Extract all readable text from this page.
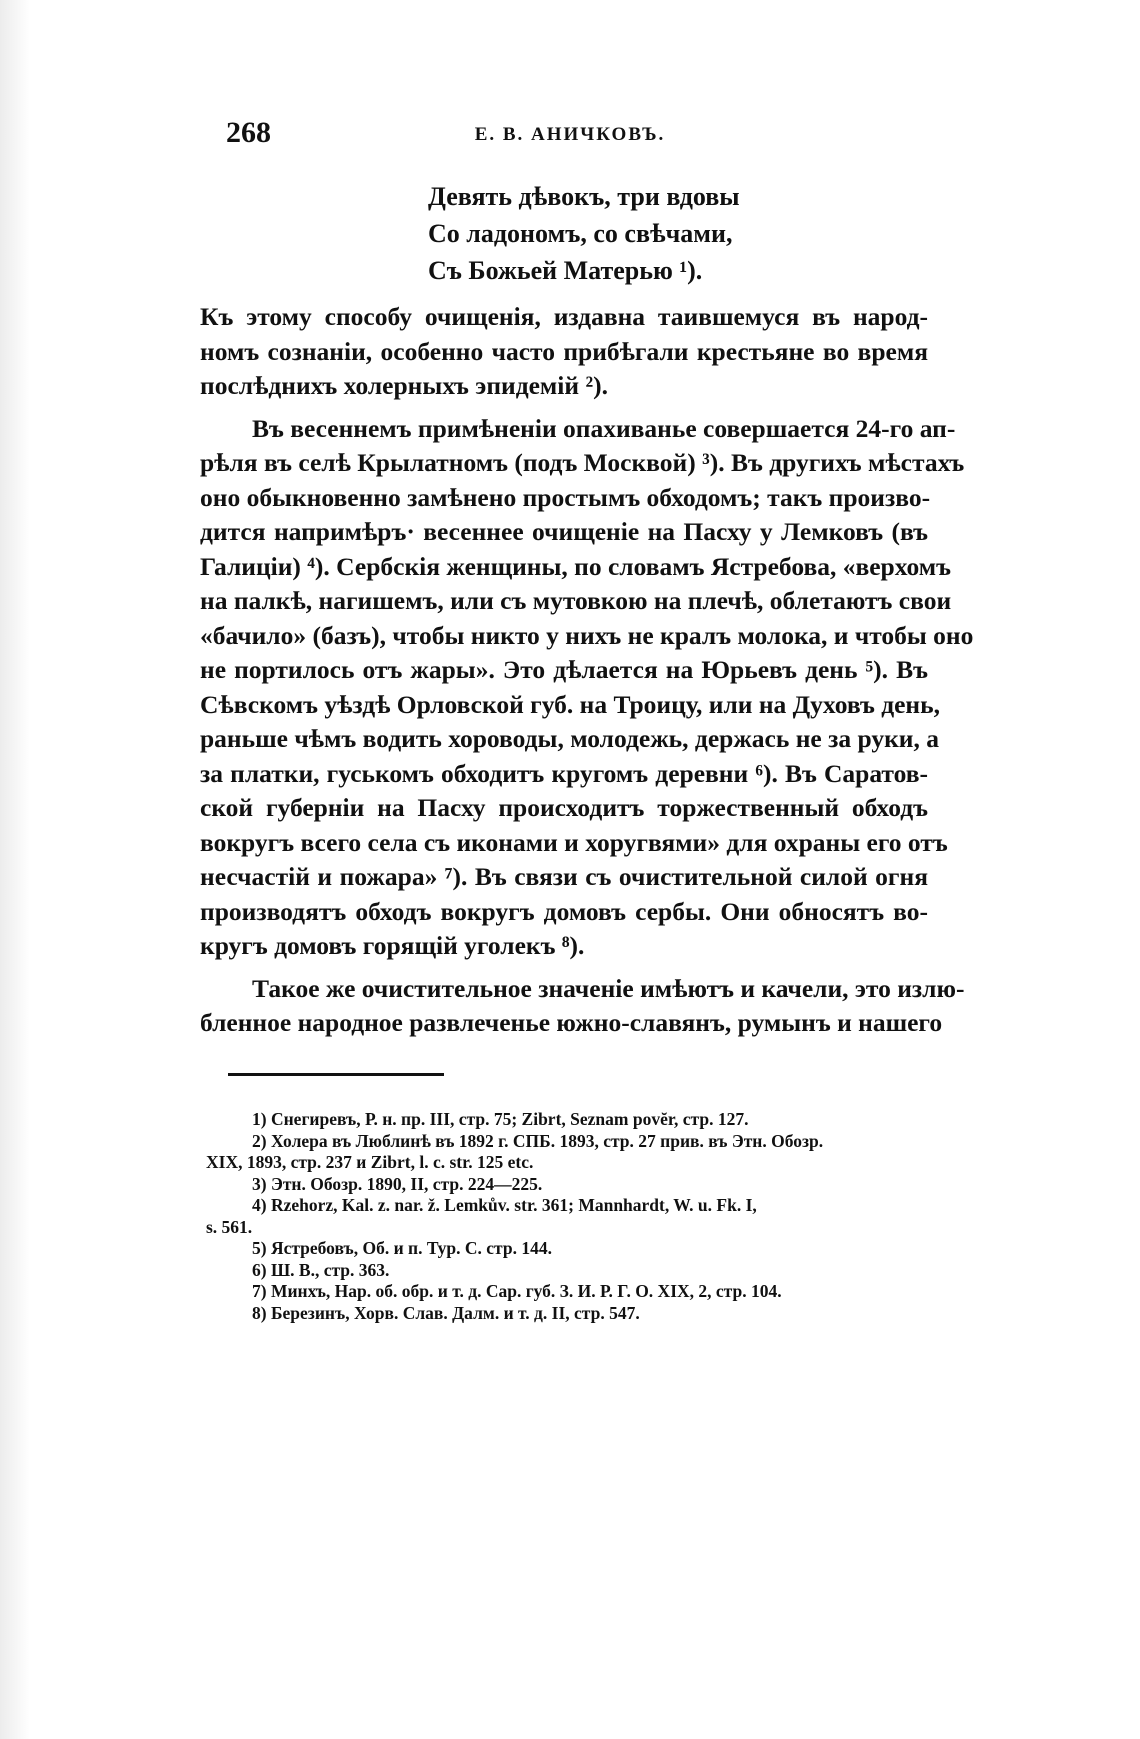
268	Е. В. АНИЧКОВЪ.
Девять дѣвокъ, три вдовы
Со ладономъ, со свѣчами,
Съ Божьей Матерью ¹).
Къ этому способу очищенія, издавна таившемуся въ народ-
номъ сознаніи, особенно часто прибѣгали крестьяне во время
послѣднихъ холерныхъ эпидемій ²).
Въ весеннемъ примѣненіи опахиванье совершается 24-го ап-
рѣля въ селѣ Крылатномъ (подъ Москвой) ³). Въ другихъ мѣстахъ
оно обыкновенно замѣнено простымъ обходомъ; такъ произво-
дится напримѣръ· весеннее очищеніе на Пасху у Лемковъ (въ
Галиціи) ⁴). Сербскія женщины, по словамъ Ястребова, «верхомъ
на палкѣ, нагишемъ, или съ мутовкою на плечѣ, облетаютъ свои
«бачило» (базъ), чтобы никто у нихъ не кралъ молока, и чтобы оно
не портилось отъ жары». Это дѣлается на Юрьевъ день ⁵). Въ
Сѣвскомъ уѣздѣ Орловской губ. на Троицу, или на Духовъ день,
раньше чѣмъ водить хороводы, молодежь, держась не за руки, а
за платки, гуськомъ обходитъ кругомъ деревни ⁶). Въ Саратов-
ской губерніи на Пасху происходитъ торжественный обходъ
вокругъ всего села съ иконами и хоругвями» для охраны его отъ
несчастій и пожара» ⁷). Въ связи съ очистительной силой огня
производятъ обходъ вокругъ домовъ сербы. Они обносятъ во-
кругъ домовъ горящій уголекъ ⁸).
Такое же очистительное значеніе имѣютъ и качели, это излю-
бленное народное развлеченье южно-славянъ, румынъ и нашего
1) Снегиревъ, Р. н. пр. III, стр. 75; Zibrt, Seznam povĕr, стр. 127.
2) Холера въ Люблинѣ въ 1892 г. СПБ. 1893, стр. 27 прив. въ Этн. Обозр.
XIX, 1893, стр. 237 и Zibrt, l. c. str. 125 etc.
3) Этн. Обозр. 1890, II, стр. 224—225.
4) Rzehorz, Kal. z. nar. ž. Lemkův. str. 361; Mannhardt, W. u. Fk. I,
s. 561.
5) Ястребовъ, Об. и п. Тур. С. стр. 144.
6) Ш. В., стр. 363.
7) Минхъ, Нар. об. обр. и т. д. Сар. губ. З. И. Р. Г. О. XIX, 2, стр. 104.
8) Березинъ, Хорв. Слав. Далм. и т. д. II, стр. 547.
